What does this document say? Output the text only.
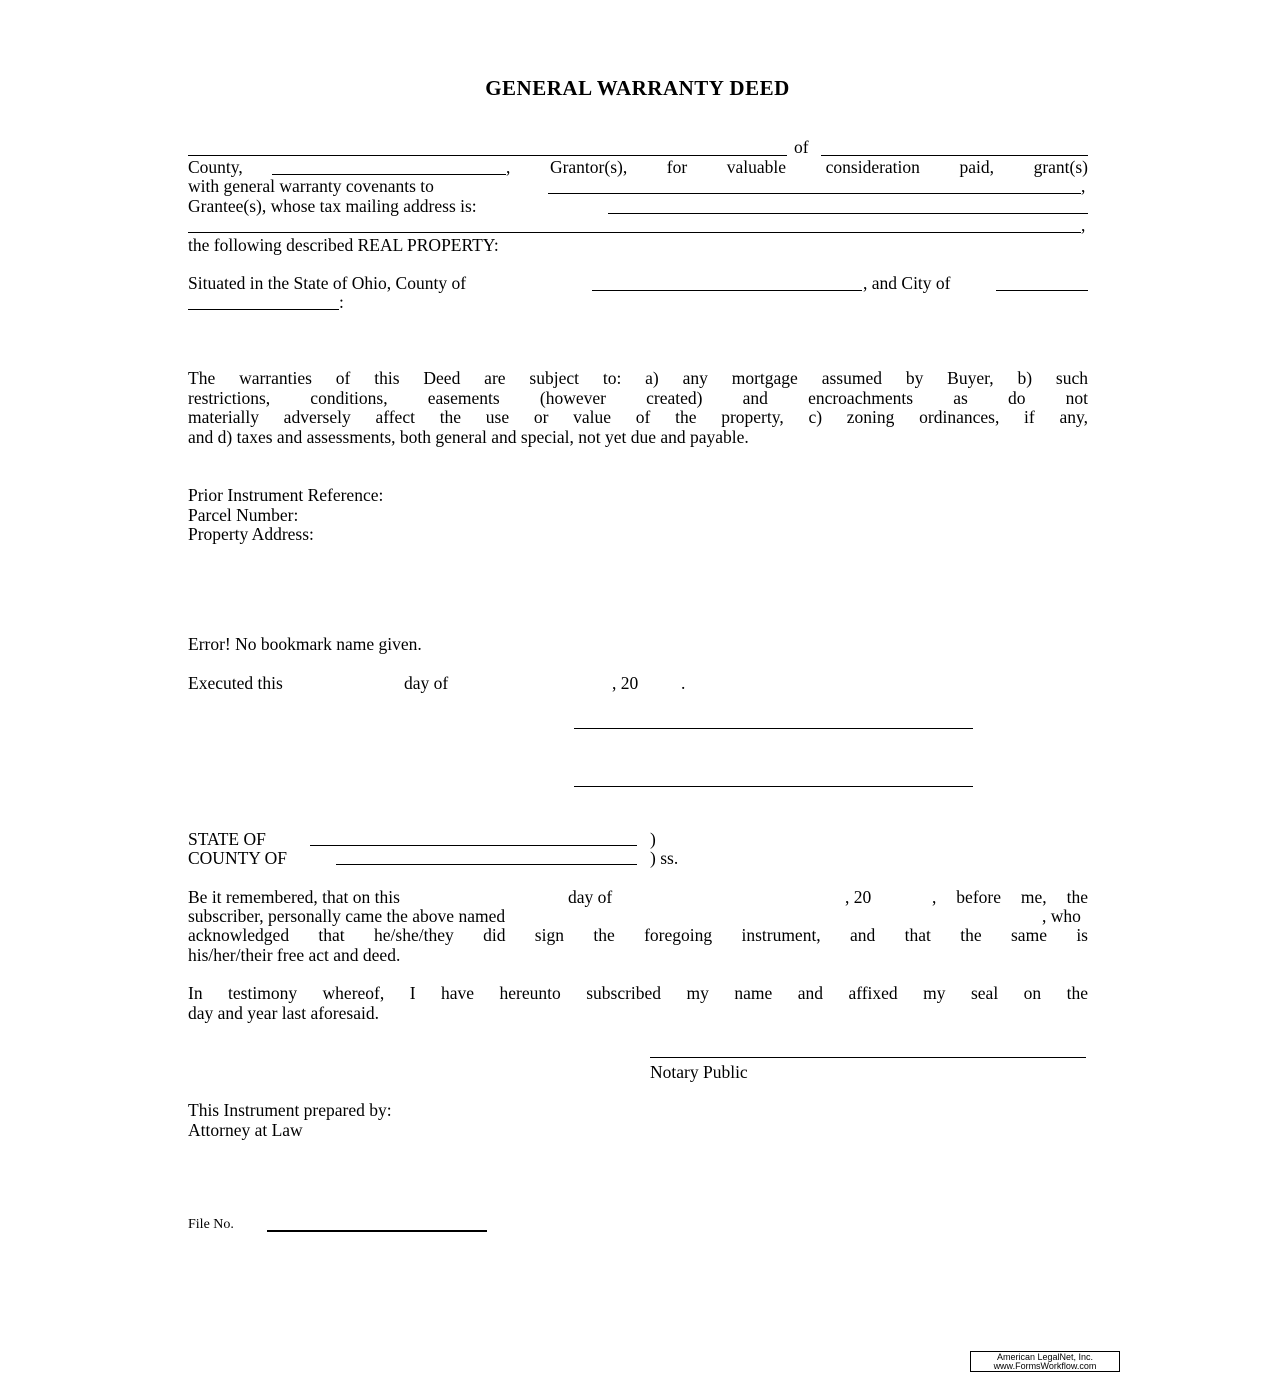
GENERAL WARRANTY DEED
of
County,	, Grantor(s), for valuable consideration paid, grant(s)
with general warranty covenants to	,
Grantee(s), whose tax mailing address is:
,
the following described REAL PROPERTY:
Situated in the State of Ohio, County of	, and City of
:
The warranties of this Deed are subject to: a) any mortgage assumed by Buyer, b) such
restrictions, conditions, easements (however created) and encroachments as do not
materially adversely affect the use or value of the property, c) zoning ordinances, if any,
and d) taxes and assessments, both general and special, not yet due and payable.
Prior Instrument Reference:
Parcel Number:
Property Address:
Error! No bookmark name given.
Executed this	day of	, 20 .
STATE OF	)
COUNTY OF	) ss.
Be it remembered, that on this	day of	, 20	, before me, the
subscriber, personally came the above named	, who
acknowledged that he/she/they did sign the foregoing instrument, and that the same is
his/her/their free act and deed.
In testimony whereof, I have hereunto subscribed my name and affixed my seal on the
day and year last aforesaid.
Notary Public
This Instrument prepared by:
Attorney at Law
File No.
American LegalNet, Inc.
www.FormsWorkflow.com
